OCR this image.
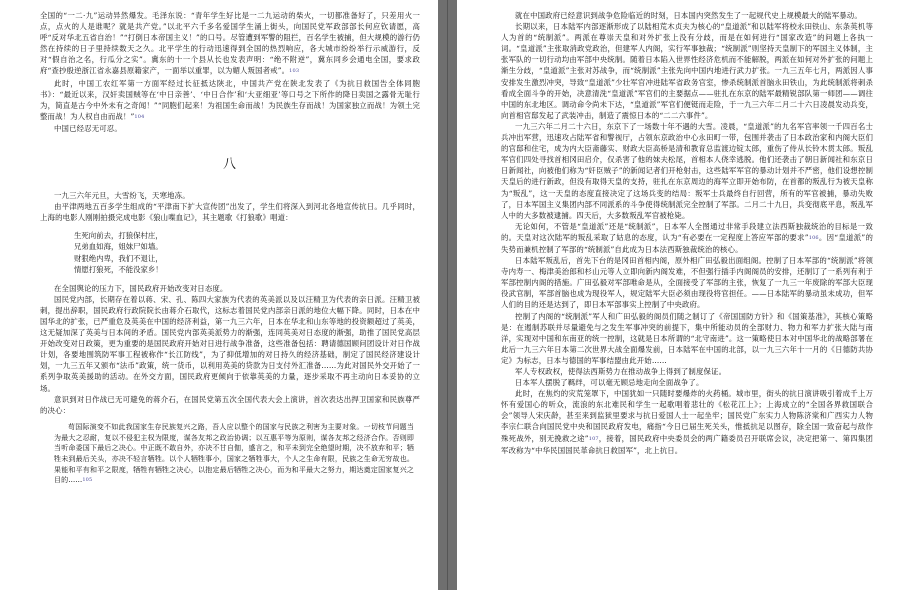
全国的“一二·九”运动异然爆发。毛泽东说：“青年学生好比是一二九运动的柴火，一切都准备好了，只差用火一点，点火的人是谁呢？就是共产党。”以北平六千多名爱国学生涌上街头，向国民党军政部部长何应钦请愿，高呼“反对华北五省自治！”“打倒日本帝国主义！”的口号。尽管遭到军警的阻拦，百名学生被捕，但大规模的游行仍然在持续的日子里持续数天之久。北平学生的行动迅速得到全国的热烈响应，各大城市纷纷举行示威游行，反对“假自治之名，行瓜分之实”。冀东的十一个县从长也发表声明：“绝不附逆”，冀东同乡会通电全国，要求政府“查抄殷逆浙江省永嘉县原籍家产，一面举以重罪，以为媚人叛国者戒”。$^{103}$

此时，中国工农红军第一方面军经过长征抵达陕北，中国共产党在陕北发表了《为抗日救国告全体同胞书》：“最近以来，汉奸卖国贼等在‘中日亲善’、‘中日合作’和‘大亚细亚’等口号之下所作的降日卖国之露骨无耻行为，简直是古今中外未有之奇闻！”“同胞们起来！为祖国生命而战！为民族生存而战！为国家独立而战！为领土完整而战！为人权自由而战！”$^{104}$

中国已经忍无可忍。

八

一九三六年元旦，大雪纷飞，天寒地冻。

由平津两地五百多学生组成的“平津南下扩大宣传团”出发了，学生们将深入到河北各地宣传抗日。几乎同时，上海的电影人刚刚拍摄完成电影《狼山喋血记》，其主题歌《打狼歌》唱道：

生死向前去，打狼保村庄，
兄弟血如海，姐妹尸如墙。
财狠绝内卑，我们不退让，
情愿打狼死，不能没家乡！

在全国舆论的压力下，国民政府开始改变对日态度。

国民党内部，长期存在着以蒋、宋、孔、陈四大家族为代表的英美派以及以汪精卫为代表的亲日派。汪精卫被刺，提出辞职，国民政府行政院院长由蒋介石取代，这标志着国民党内部亲日派的地位大幅下降。同时，日本在中国华北的扩张，已严重危及英美在中国的经济利益，第一九三六年，日本在华北和山东等地的投资额超过了英美，这无疑加深了英美与日本间的矛盾。国民党内部英美派势力的渐强，连同英美对日态度的渐强，助推了国民党高层开始改变对日政策，更为重要的是国民政府开始对日进行战争准备，这些准备包括：聘请德国顾问团设计对日作战计划，各要地围筑防军事工程被称作“长江防线”，为了抑低增加的对日持久的经济基础，制定了国民经济建设计划，一九三五年又颁布“法币”政策，统一货币，以利用英美的贷款为日支付外汇准备……为此对国民外交开始了一系列争取英美援助的活动。在外交方面，国民政府更倾向于依靠英美的力量，逐步采取不再主动向日本妥协的立场。

意识到对日作战已无可避免的蒋介石，在国民党第五次全国代表大会上演讲，首次表达出捍卫国家和民族尊严的决心：

苟国际演变不如此我国家生存民族复兴之路，吾人应以整个的国家与民族之利害为主要对象。一切枝节问题当为最大之忍耐，复以不侵犯主权为限度，谋各友邦之政治协调；以互惠平等为原则，谋各友邦之经济合作。否则即当听命委国下最后之决心。中正既不敢自外，亦决不甘自伽，盛言之，和平未到完全绝望时期，决不放弃和平；牺牲未到最后关头，亦决不轻言牺牲。以个人牺牲事小，国家之牺牲事大，个人之生命有限，民族之生命无穷故也。果能和平有和平之限度，牺牲有牺牲之决心，以抱定最后牺牲之决心，而为和平最大之努力，期达奠定国家复兴之目的……$^{105}$

就在中国政府已经意识到战争危险临近的时刻，日本国内突然发生了一起规代史上规模最大的陆军暴动。

长期以来，日本陆军内部逐渐形成了以陆相荒木贞夫为核心的“皇道派”和以陆军将校永田铁山、东条英机等人为首的“统制派”。两派在尊崇天皇和对外扩张上没有分歧，而是在如何进行“国家改造”的问题上各执一词。“皇道派”主张取消政党政治，但建军人内阁，实行军事独裁；“统制派”则坚持天皇制下的军国主义体制，主张军队的一切行动均由军部中央统制。随着日本陷入世界性经济危机而不能解脱，两派在如何对外扩张的问题上渐生分歧，“皇道派”主张对苏战争，而“统制派”主张先向中国内地进行武力扩张。一九三五年七月，两派因人事安排发生激烈冲突，导致“皇道派”少壮军官冲进陆军省政务官室，惨杀统制派首脑永田铁山，为此统制派将刺杀看成全面斗争的开始，决意清洗“皇道派”军官们的主要据点——驻扎在东京的陆军最精锐部队第一师团——调往中国的东北地区。调动命令尚未下达，“皇道派”军官们便铤而走险，于一九三六年二月二十六日凌晨发动兵变，向首相官邸发起了武装冲击，制造了震惊日本的“二二六事件”。

一九三六年二月二十六日，东京下了一场数十年不遇的大雪。凌晨，“皇道派”的九名军官率领一千四百名士兵冲出军营，迅速攻占陆军省和警视厅，占领东京政治中心永田町一带，包围并袭击了日本政治家和内阁大臣们的官邸和住宅，成为内大臣斋藤实、财政大臣高桥是清和教育总监渡边锭太郎，重伤了侍从长铃木贯太郎。叛乱军官们四处寻找首相冈田启介，仅杀害了他的妹夫松尾，首相本人侥幸逃脱。他们还袭击了朝日新闻社和东京日日新闻社，向被他们称为“奸臣贼子”的新闻记者们开枪射击，这些陆军军官的暴动计划并不严密，他们设想控制天皇后的进行新政，但没有取得天皇的支持，驻扎在东京周边的海军立即开始布防，在首都的叛乱行为被天皇称为“叛乱”，这一天皇的态度直接决定了这场兵变的结局：叛军士兵最终自行回营，所有的军官被捕，暴动失败了，日本军国主义集团内部不同派系的斗争使得统制派完全控制了军部。二月二十九日，兵变彻底平息，叛乱军人中的大多数被逮捕。四天后，大多数叛乱军官被枪毙。

无论如何，不管是“皇道派”还是“统制派”，日本军人全图通过非常手段建立法西斯独裁统治的目标是一致的。天皇对这次陆军的叛乱采取了姑息的态度，认为“有必要在一定程度上答应军部的要求”$^{106}$。因“皇道派”的失势而兼机控制了军部的“统制派”自此成为日本法西斯独裁统治的核心。

日本陆军叛乱后，首先下台的是冈田首相内阁，原外相广田弘毅出面组阁。控制了日本军部的“统制派”将领寺内寿一、梅津美治郎和杉山元等人立即向新内阁发难，不但强行插手内阁阁员的安排，还制订了一系列有利于军部控制内阁的措施。广田弘毅对军部唯命是从，全面接受了军部的主张，恢复了一九三一年废除的军部大臣现役武官制，军部首脑也成为现役军人，规定陆军大臣必须由现役将官担任。——日本陆军的暴动虽未成功，但军人们的目的还是达到了，即日本军部事实上控制了中央政府。

控制了内阁的“统制派”军人和广田弘毅的阁员们随之制订了《帝国国防方针》和《国策基准》，其核心策略是：在遏制苏联并尽量避免与之发生军事冲突的前提下，集中所能动员的全部财力、物力和军力扩张大陆与南洋，实现对中国和东南亚的统一控制，这就是日本所谓的“北守南进”。这一策略使日本对中国华北的战略部署在此后一九三六年日本第二次世界大战全面爆发前，日本陆军在中国的北部，以一九三六年十一月的《日德防共协定》为标志，日本与德国的军事结盟由此开始……

军人专权政权，使得法西斯势力在推动战争上得到了制度保证。

日本军人摆脱了羁绊，可以毫无顾忌地走向全面战争了。

此时，在焦灼的灾荒笼罩下，中国犹如一只随时要爆炸的火药桶。城市里，街头的抗日演讲吸引着成千上万怀有爱国心的听众，流浪的东北难民和学生一起歌唱着悲壮的《松花江上》；上海成立的“全国各界救国联合会”领导人宋庆龄，甚至来到监狱里要求与抗日爱国人士一起坐牢；国民党广东实力人物陈济棠和广西实力人物李宗仁联合向国民党中央和国民政府发电，痛指“今日已届生死关头，惟抵抗足以图存，除全国一致奋起与敌作殊死战外，别无挽救之途”$^{107}$，接着，国民政府中央委员会的两广籍委员召开联席会议，决定把第一、第四集团军改称为“中华民国国民革命抗日救国军”，北上抗日。
